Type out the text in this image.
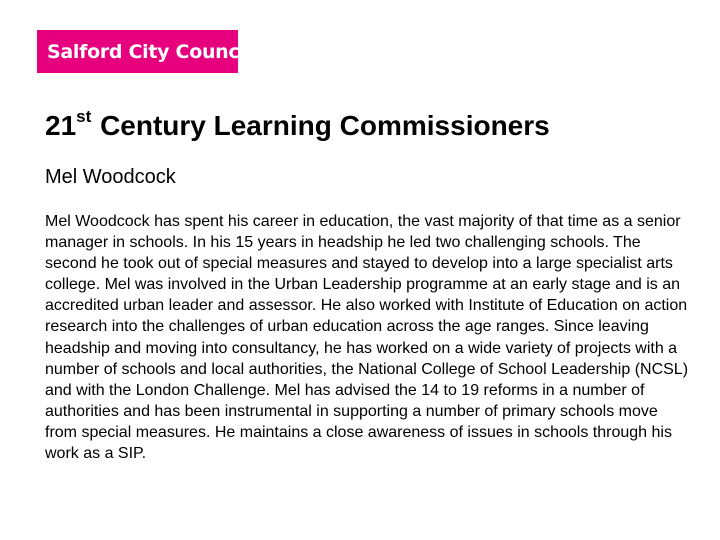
Salford City Council
21st Century Learning Commissioners
Mel Woodcock

Mel Woodcock has spent his career in education, the vast majority of that time as a senior manager in schools. In his 15 years in headship he led two challenging schools. The second he took out of special measures and stayed to develop into a large specialist arts college. Mel was involved in the Urban Leadership programme at an early stage and is an accredited urban leader and assessor. He also worked with Institute of Education on action research into the challenges of urban education across the age ranges. Since leaving headship and moving into consultancy, he has worked on a wide variety of projects with a number of schools and local authorities, the National College of School Leadership (NCSL) and with the London Challenge. Mel has advised the 14 to 19 reforms in a number of authorities and has been instrumental in supporting a number of primary schools move from special measures. He maintains a close awareness of issues in schools through his work as a SIP.
